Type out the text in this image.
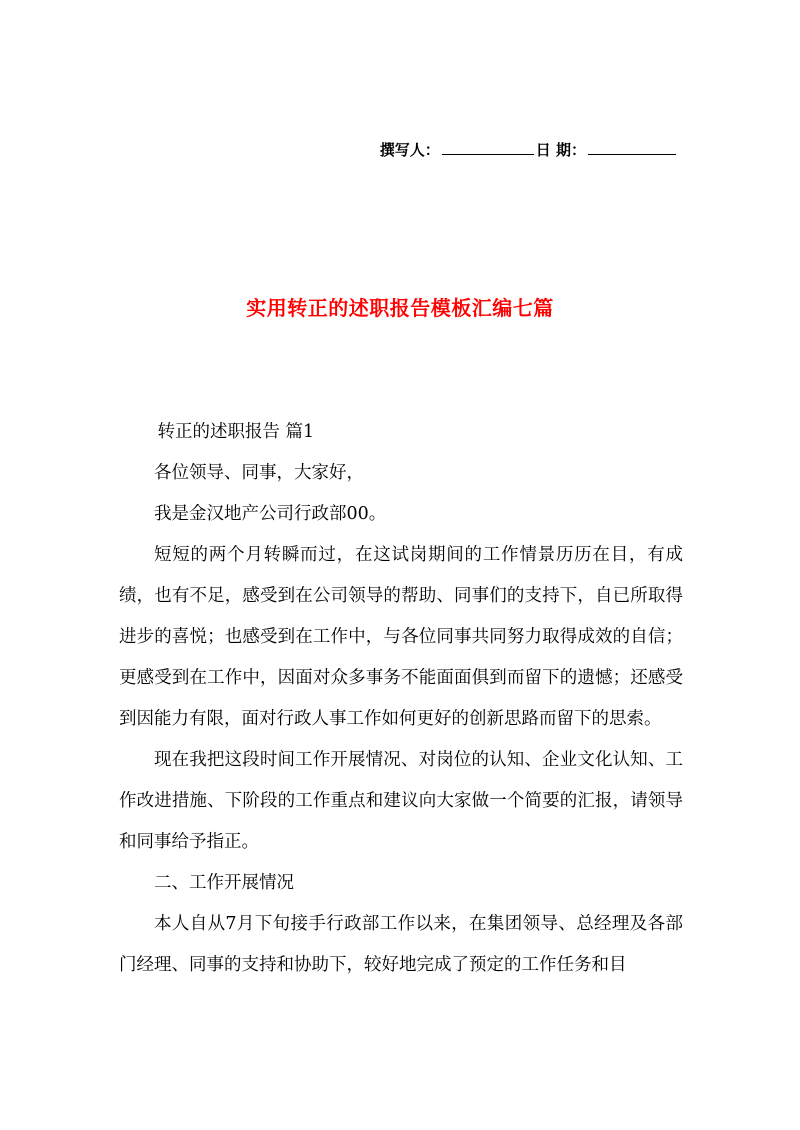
撰写人：	日 期：
实用转正的述职报告模板汇编七篇

转正的述职报告 篇1

各位领导、同事，大家好，

我是金汉地产公司行政部00。

短短的两个月转瞬而过，在这试岗期间的工作情景历历在目，有成绩，也有不足，感受到在公司领导的帮助、同事们的支持下，自已所取得进步的喜悦；也感受到在工作中，与各位同事共同努力取得成效的自信；更感受到在工作中，因面对众多事务不能面面俱到而留下的遗憾；还感受到因能力有限，面对行政人事工作如何更好的创新思路而留下的思索。

现在我把这段时间工作开展情况、对岗位的认知、企业文化认知、工作改进措施、下阶段的工作重点和建议向大家做一个简要的汇报，请领导和同事给予指正。

二、工作开展情况

本人自从7月下旬接手行政部工作以来，在集团领导、总经理及各部门经理、同事的支持和协助下，较好地完成了预定的工作任务和目
